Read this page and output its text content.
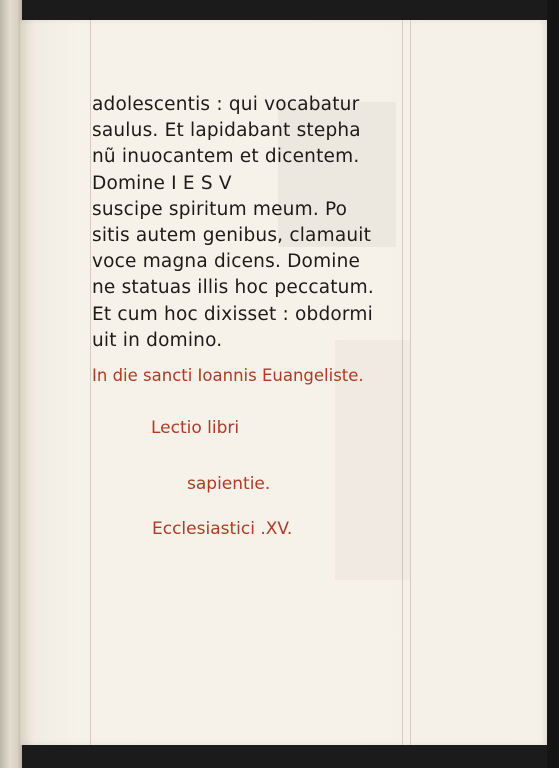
adolescentis : qui vocabatur
saulus. Et lapidabant stepha
nũ inuocantem et dicentem.
Domine I E S V
suscipe spiritum meum. Po
sitis autem genibus, clamauit
voce magna dicens. Domine
ne statuas illis hoc peccatum.
Et cum hoc dixisset : obdormi
uit in domino.
In die sancti Ioannis Euangeliste.
Lectio libri
sapientie.
Ecclesiastici .XV.
